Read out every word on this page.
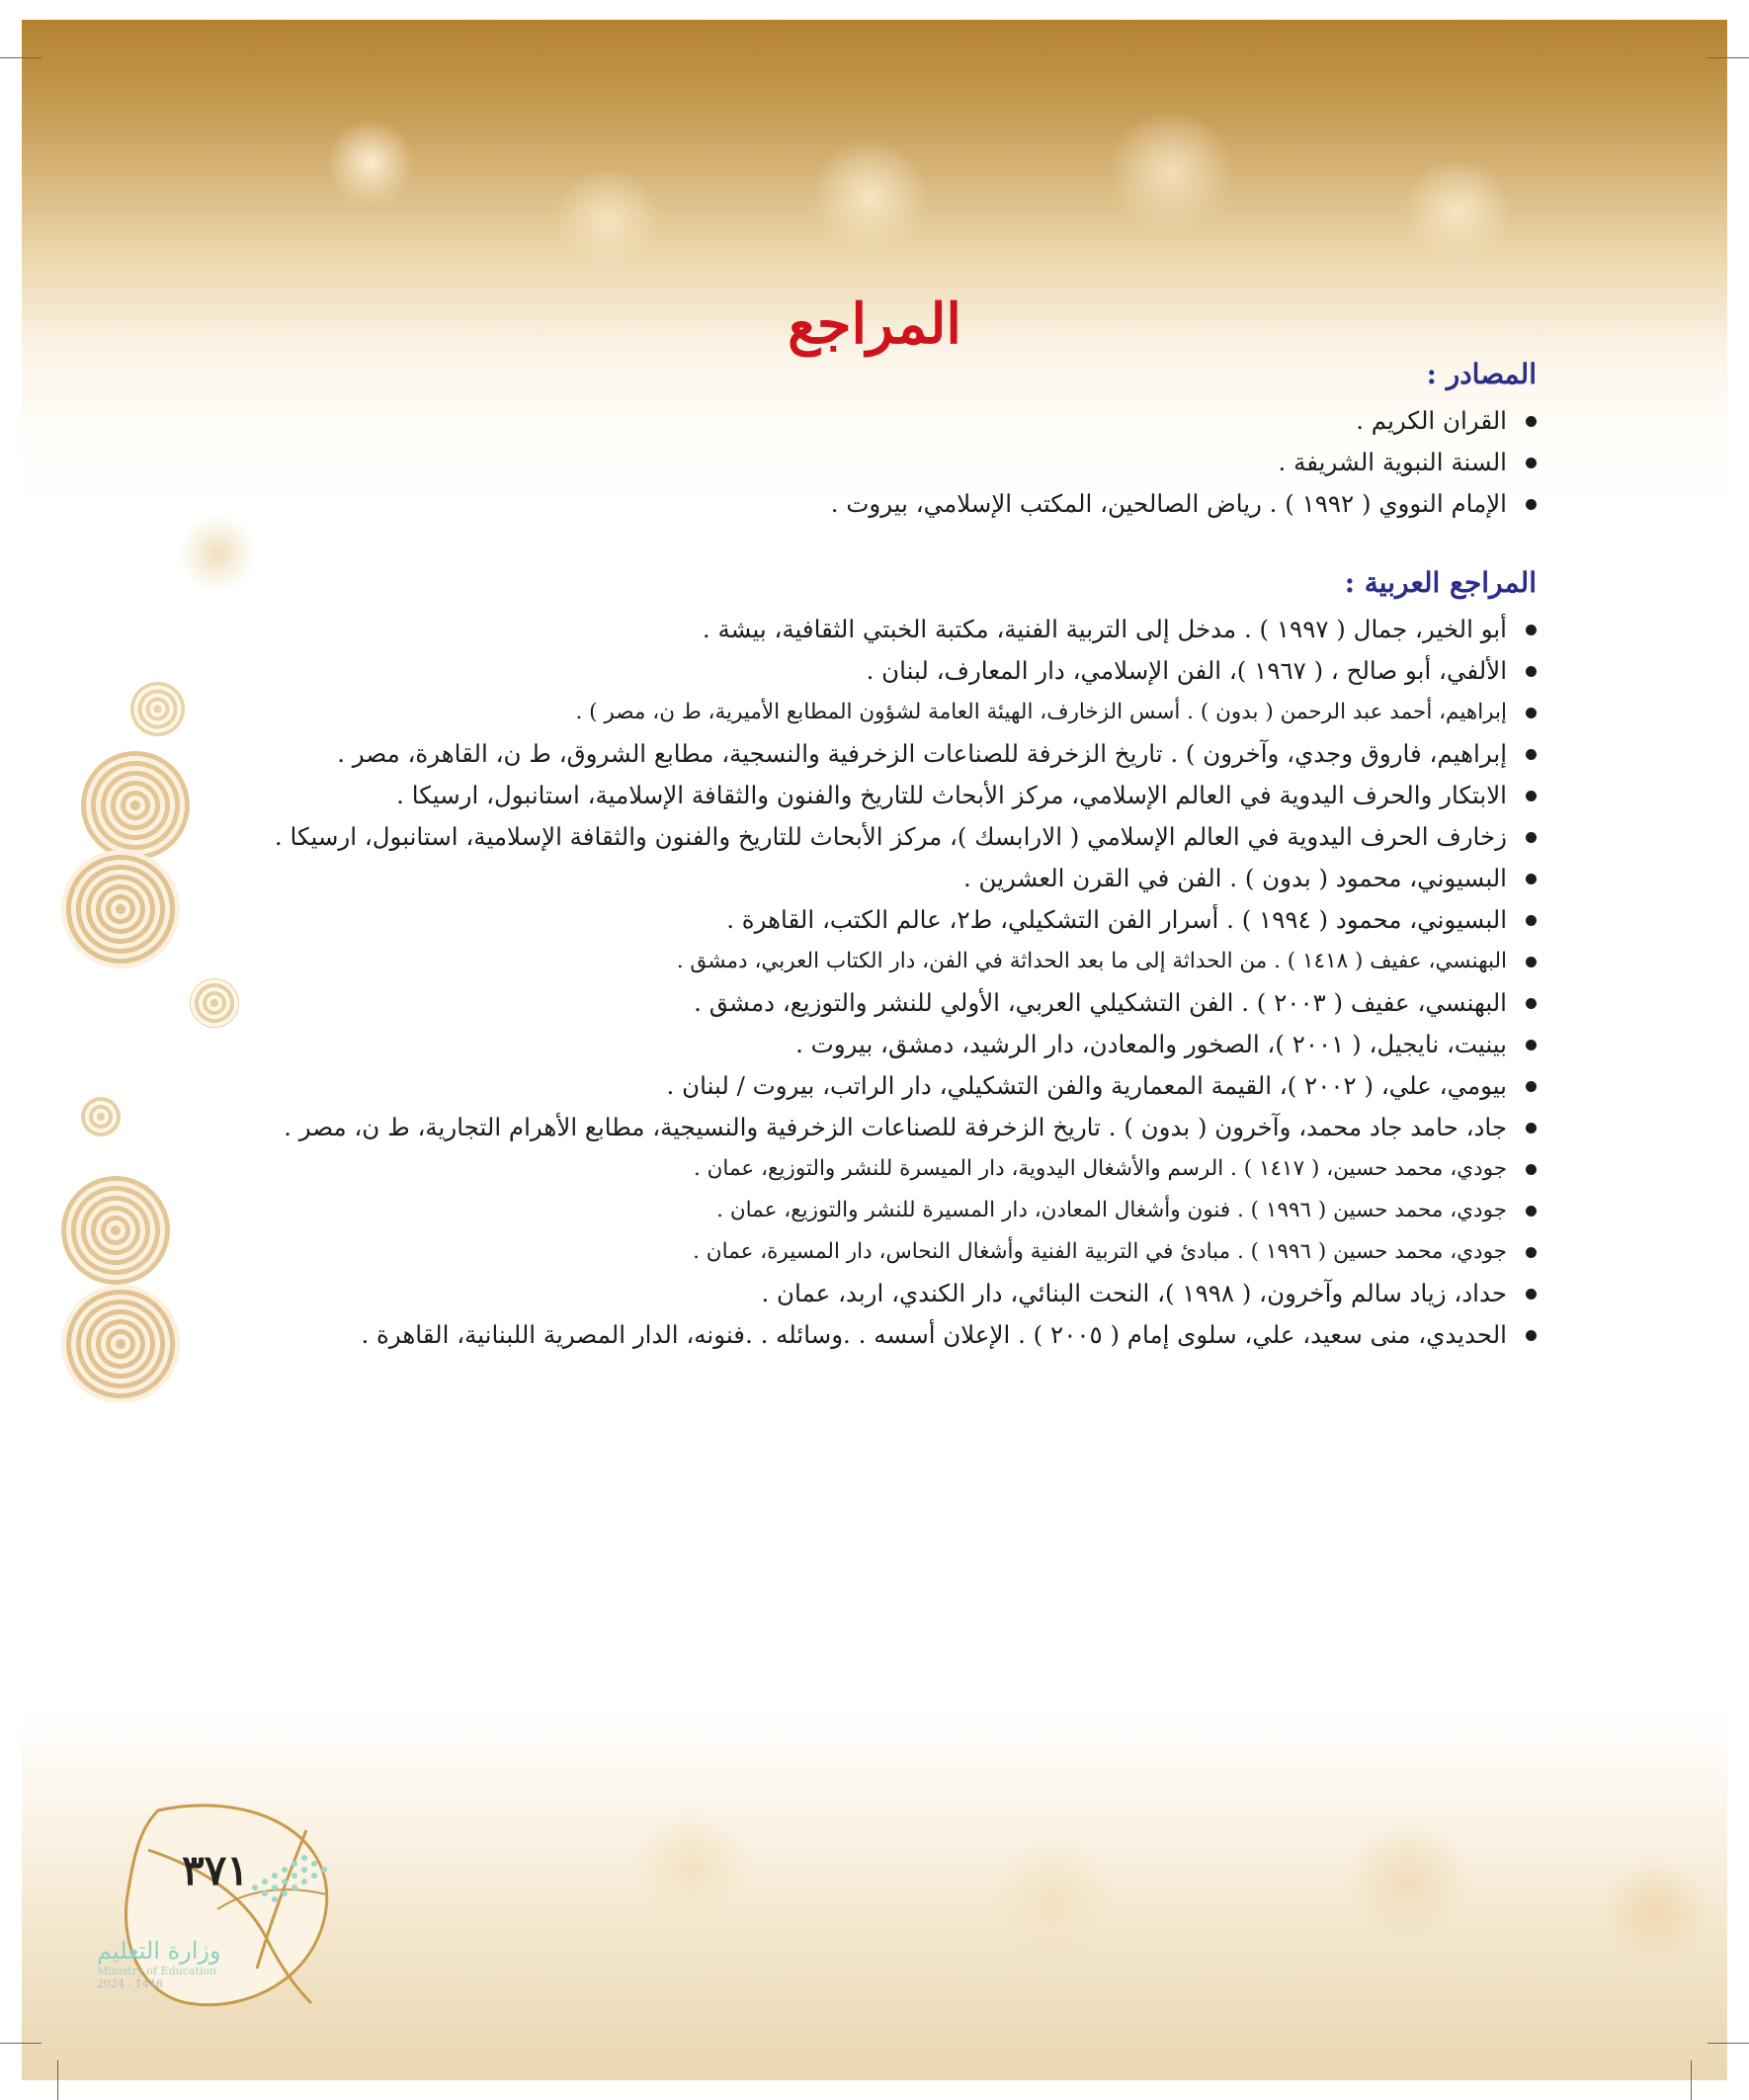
المراجع
المصادر :
القران الكريم .
السنة النبوية الشريفة .
الإمام النووي ( ١٩٩٢ ) . رياض الصالحين، المكتب الإسلامي، بيروت .
المراجع العربية :
أبو الخير، جمال ( ١٩٩٧ ) . مدخل إلى التربية الفنية، مكتبة الخبتي الثقافية، بيشة .
الألفي، أبو صالح ، ( ١٩٦٧ )، الفن الإسلامي، دار المعارف، لبنان .
إبراهيم، أحمد عبد الرحمن ( بدون ) . أسس الزخارف، الهيئة العامة لشؤون المطابع الأميرية، ط ن، مصر ) .
إبراهيم، فاروق وجدي، وآخرون ) . تاريخ الزخرفة للصناعات الزخرفية والنسجية، مطابع الشروق، ط ن، القاهرة، مصر .
الابتكار والحرف اليدوية في العالم الإسلامي، مركز الأبحاث للتاريخ والفنون والثقافة الإسلامية، استانبول، ارسيكا .
زخارف الحرف اليدوية في العالم الإسلامي ( الارابسك )، مركز الأبحاث للتاريخ والفنون والثقافة الإسلامية، استانبول، ارسيكا .
البسيوني، محمود ( بدون ) . الفن في القرن العشرين .
البسيوني، محمود ( ١٩٩٤ ) . أسرار الفن التشكيلي، ط٢، عالم الكتب، القاهرة .
البهنسي، عفيف ( ١٤١٨ ) . من الحداثة إلى ما بعد الحداثة في الفن، دار الكتاب العربي، دمشق .
البهنسي، عفيف ( ٢٠٠٣ ) . الفن التشكيلي العربي، الأولي للنشر والتوزيع، دمشق .
بينيت، نايجيل، ( ٢٠٠١ )، الصخور والمعادن، دار الرشيد، دمشق، بيروت .
بيومي، علي، ( ٢٠٠٢ )، القيمة المعمارية والفن التشكيلي، دار الراتب، بيروت / لبنان .
جاد، حامد جاد محمد، وآخرون ( بدون ) . تاريخ الزخرفة للصناعات الزخرفية والنسيجية، مطابع الأهرام التجارية، ط ن، مصر .
جودي، محمد حسين، ( ١٤١٧ ) . الرسم والأشغال اليدوية، دار الميسرة للنشر والتوزيع، عمان .
جودي، محمد حسين ( ١٩٩٦ ) . فنون وأشغال المعادن، دار المسيرة للنشر والتوزيع، عمان .
جودي، محمد حسين ( ١٩٩٦ ) . مبادئ في التربية الفنية وأشغال النحاس، دار المسيرة، عمان .
حداد، زياد سالم وآخرون، ( ١٩٩٨ )، النحت البنائي، دار الكندي، اربد، عمان .
الحديدي، منى سعيد، علي، سلوى إمام ( ٢٠٠٥ ) . الإعلان أسسه . .وسائله . .فنونه، الدار المصرية اللبنانية، القاهرة .
٣٧١
وزارة التعليم
Ministry of Education
2024 - 1446
